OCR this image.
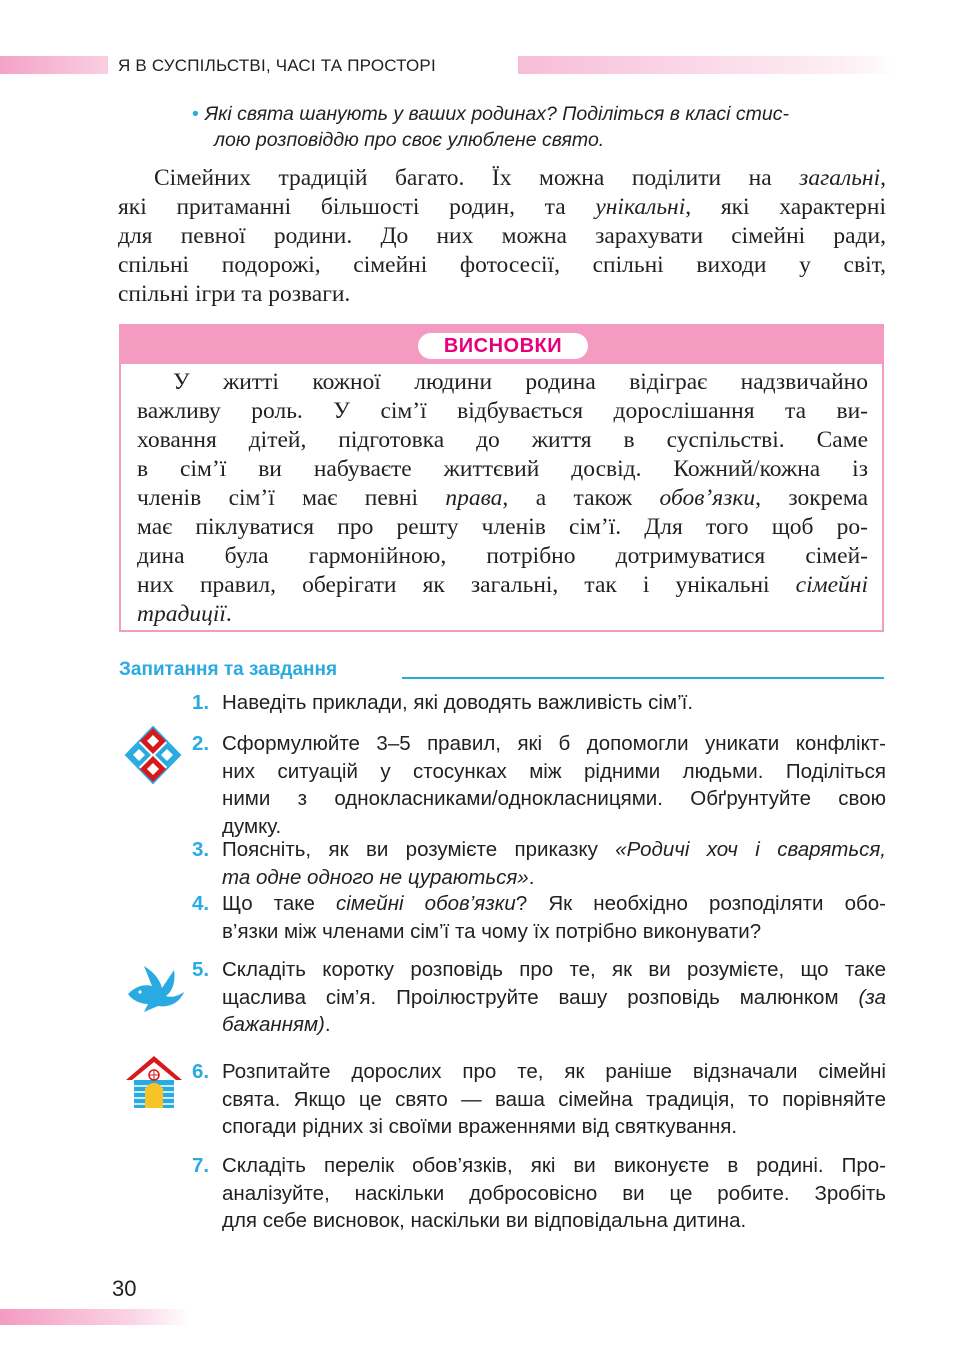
Я В СУСПІЛЬСТВІ, ЧАСІ ТА ПРОСТОРІ
• Які свята шанують у ваших родинах? Поділіться в класі стис-
лою розповіддю про своє улюблене свято.
Сімейних традицій багато. Їх можна поділити на загальні,
які притаманні більшості родин, та унікальні, які характерні
для певної родини. До них можна зарахувати сімейні ради,
спільні подорожі, сімейні фотосесії, спільні виходи у світ,
спільні ігри та розваги.
ВИСНОВКИ
У житті кожної людини родина відіграє надзвичайно
важливу роль. У сім’ї відбувається дорослішання та ви-
ховання дітей, підготовка до життя в суспільстві. Саме
в сім’ї ви набуваєте життєвий досвід. Кожний/кожна із
членів сім’ї має певні права, а також обов’язки, зокрема
має піклуватися про решту членів сім’ї. Для того щоб ро-
дина була гармонійною, потрібно дотримуватися сімей-
них правил, оберігати як загальні, так і унікальні сімейні
традиції.
Запитання та завдання
1. Наведіть приклади, які доводять важливість сім’ї.
2. Сформулюйте 3–5 правил, які б допомогли уникати конфлікт-
них ситуацій у стосунках між рідними людьми. Поділіться
ними з однокласниками/однокласницями. Обґрунтуйте свою
думку.
3. Поясніть, як ви розумієте приказку «Родичі хоч і сваряться,
та одне одного не цураються».
4. Що таке сімейні обов’язки? Як необхідно розподіляти обо-
в’язки між членами сім’ї та чому їх потрібно виконувати?
5. Складіть коротку розповідь про те, як ви розумієте, що таке
щаслива сім’я. Проілюструйте вашу розповідь малюнком (за
бажанням).
6. Розпитайте дорослих про те, як раніше відзначали сімейні
свята. Якщо це свято — ваша сімейна традиція, то порівняйте
спогади рідних зі своїми враженнями від святкування.
7. Складіть перелік обов’язків, які ви виконуєте в родині. Про-
аналізуйте, наскільки добросовісно ви це робите. Зробіть
для себе висновок, наскільки ви відповідальна дитина.
30
